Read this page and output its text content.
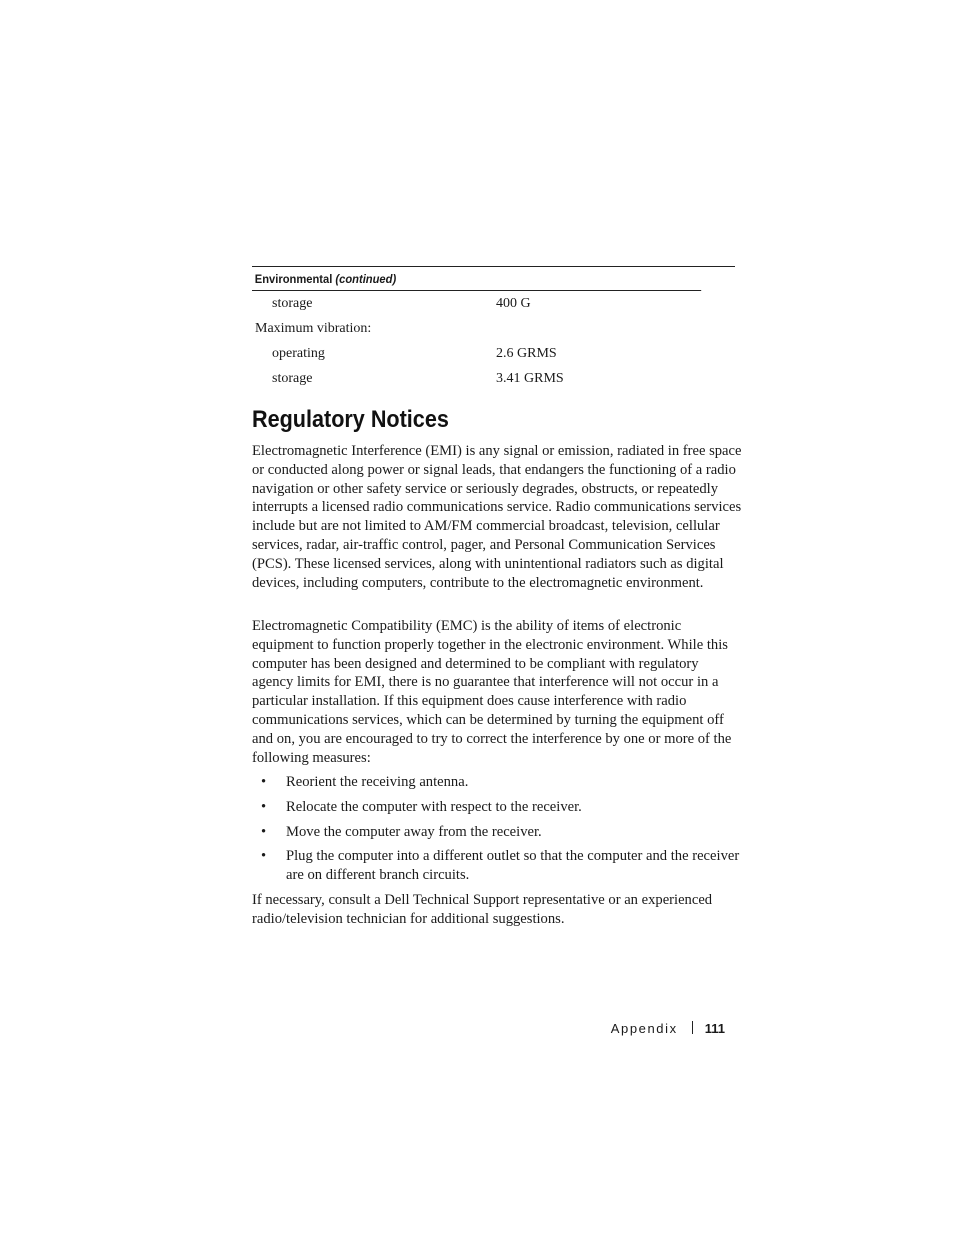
Environmental (continued)
storage	400 G
Maximum vibration:
operating	2.6 GRMS
storage	3.41 GRMS
Regulatory Notices

Electromagnetic Interference (EMI) is any signal or emission, radiated in free space or conducted along power or signal leads, that endangers the functioning of a radio navigation or other safety service or seriously degrades, obstructs, or repeatedly interrupts a licensed radio communications service. Radio communications services include but are not limited to AM/FM commercial broadcast, television, cellular services, radar, air-traffic control, pager, and Personal Communication Services (PCS). These licensed services, along with unintentional radiators such as digital devices, including computers, contribute to the electromagnetic environment.

Electromagnetic Compatibility (EMC) is the ability of items of electronic equipment to function properly together in the electronic environment. While this computer has been designed and determined to be compliant with regulatory agency limits for EMI, there is no guarantee that interference will not occur in a particular installation. If this equipment does cause interference with radio communications services, which can be determined by turning the equipment off and on, you are encouraged to try to correct the interference by one or more of the following measures:

• Reorient the receiving antenna.
• Relocate the computer with respect to the receiver.
• Move the computer away from the receiver.
• Plug the computer into a different outlet so that the computer and the receiver are on different branch circuits.

If necessary, consult a Dell Technical Support representative or an experienced radio/television technician for additional suggestions.

Appendix 111
